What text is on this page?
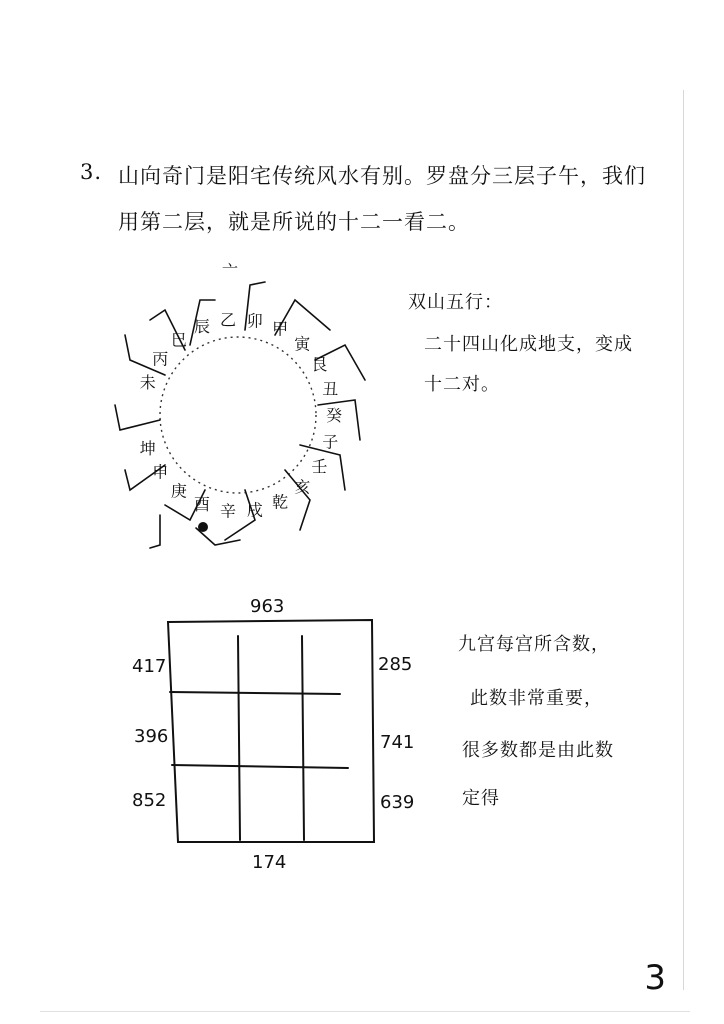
3. 山向奇门是阳宅传统风水有别。罗盘分三层子午，我们
用第二层，就是所说的十二一看二。
未
丙
巳
辰 乙 卯 甲
寅
艮
丑
癸
子
壬
亥
乾
戌
辛
酉
庚
申
坤
亠
双山五行：
二十四山化成地支，变成
十二对。
963
174
417
396
852
285
741
639
九宫每宫所含数，
此数非常重要，
很多数都是由此数
定得
3
